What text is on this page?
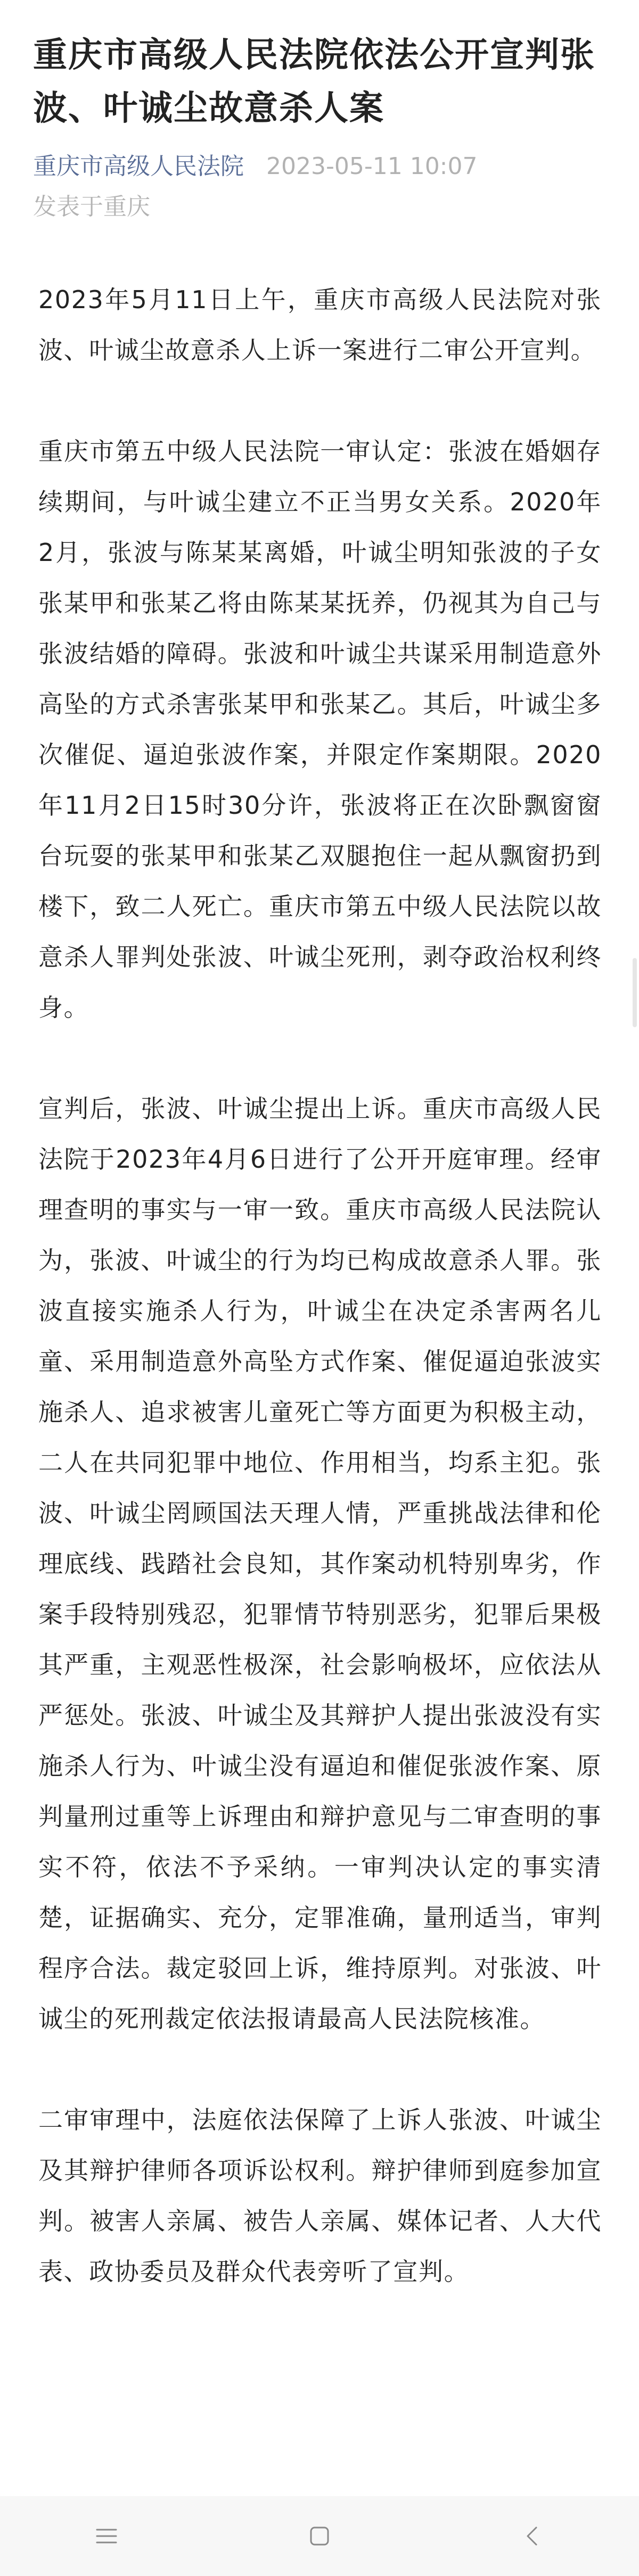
重庆市高级人民法院依法公开宣判张波、叶诚尘故意杀人案
重庆市高级人民法院 2023-05-11 10:07
发表于重庆

2023年5月11日上午，重庆市高级人民法院对张波、叶诚尘故意杀人上诉一案进行二审公开宣判。

重庆市第五中级人民法院一审认定：张波在婚姻存续期间，与叶诚尘建立不正当男女关系。2020年2月，张波与陈某某离婚，叶诚尘明知张波的子女张某甲和张某乙将由陈某某抚养，仍视其为自己与张波结婚的障碍。张波和叶诚尘共谋采用制造意外高坠的方式杀害张某甲和张某乙。其后，叶诚尘多次催促、逼迫张波作案，并限定作案期限。2020年11月2日15时30分许，张波将正在次卧飘窗窗台玩耍的张某甲和张某乙双腿抱住一起从飘窗扔到楼下，致二人死亡。重庆市第五中级人民法院以故意杀人罪判处张波、叶诚尘死刑，剥夺政治权利终身。

宣判后，张波、叶诚尘提出上诉。重庆市高级人民法院于2023年4月6日进行了公开开庭审理。经审理查明的事实与一审一致。重庆市高级人民法院认为，张波、叶诚尘的行为均已构成故意杀人罪。张波直接实施杀人行为，叶诚尘在决定杀害两名儿童、采用制造意外高坠方式作案、催促逼迫张波实施杀人、追求被害儿童死亡等方面更为积极主动，二人在共同犯罪中地位、作用相当，均系主犯。张波、叶诚尘罔顾国法天理人情，严重挑战法律和伦理底线、践踏社会良知，其作案动机特别卑劣，作案手段特别残忍，犯罪情节特别恶劣，犯罪后果极其严重，主观恶性极深，社会影响极坏，应依法从严惩处。张波、叶诚尘及其辩护人提出张波没有实施杀人行为、叶诚尘没有逼迫和催促张波作案、原判量刑过重等上诉理由和辩护意见与二审查明的事实不符，依法不予采纳。一审判决认定的事实清楚，证据确实、充分，定罪准确，量刑适当，审判程序合法。裁定驳回上诉，维持原判。对张波、叶诚尘的死刑裁定依法报请最高人民法院核准。

二审审理中，法庭依法保障了上诉人张波、叶诚尘及其辩护律师各项诉讼权利。辩护律师到庭参加宣判。被害人亲属、被告人亲属、媒体记者、人大代表、政协委员及群众代表旁听了宣判。
